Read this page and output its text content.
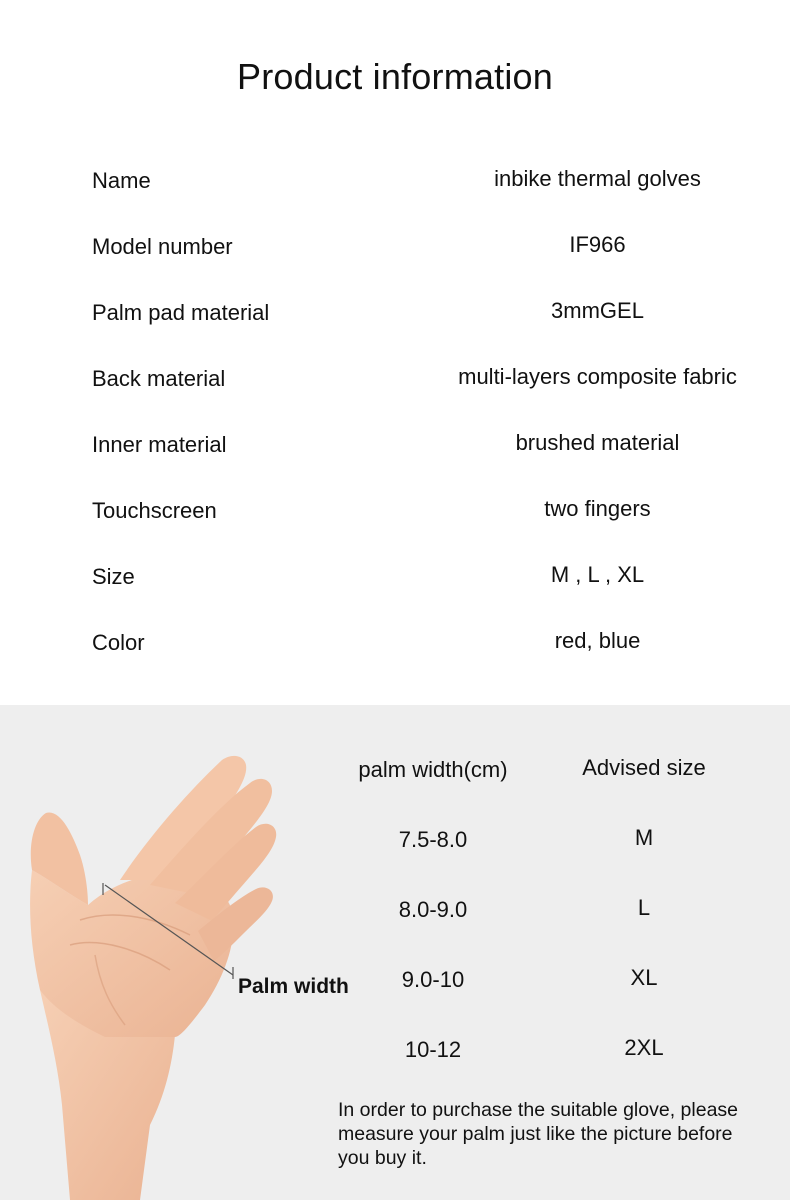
Product information
Name	inbike thermal golves
Model number	IF966
Palm pad material	3mmGEL
Back material	multi-layers composite fabric
Inner material	brushed material
Touchscreen	two fingers
Size	M , L , XL
Color	red, blue
Palm width
palm width(cm)	Advised size
7.5-8.0	M
8.0-9.0	L
9.0-10	XL
10-12	2XL
In order to purchase the suitable glove, please measure your palm just like the picture before you buy it.
